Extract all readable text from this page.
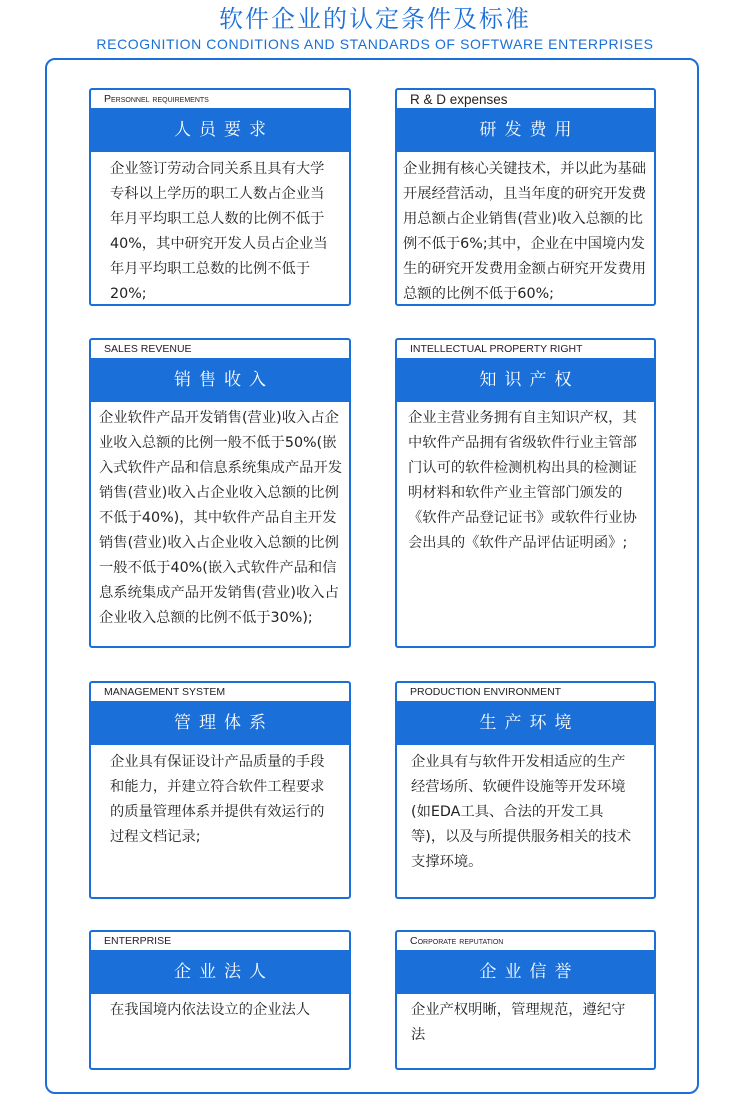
软件企业的认定条件及标准
RECOGNITION CONDITIONS AND STANDARDS OF SOFTWARE ENTERPRISES
Personnel requirements
人员要求
企业签订劳动合同关系且具有大学专科以上学历的职工人数占企业当年月平均职工总人数的比例不低于40%，其中研究开发人员占企业当年月平均职工总数的比例不低于20%;
R & D expenses
研发费用
企业拥有核心关键技术，并以此为基础开展经营活动，且当年度的研究开发费用总额占企业销售(营业)收入总额的比例不低于6%;其中，企业在中国境内发生的研究开发费用金额占研究开发费用总额的比例不低于60%;
SALES REVENUE
销售收入
企业软件产品开发销售(营业)收入占企业收入总额的比例一般不低于50%(嵌入式软件产品和信息系统集成产品开发销售(营业)收入占企业收入总额的比例不低于40%)，其中软件产品自主开发销售(营业)收入占企业收入总额的比例一般不低于40%(嵌入式软件产品和信息系统集成产品开发销售(营业)收入占企业收入总额的比例不低于30%);
INTELLECTUAL PROPERTY RIGHT
知识产权
企业主营业务拥有自主知识产权，其中软件产品拥有省级软件行业主管部门认可的软件检测机构出具的检测证明材料和软件产业主管部门颁发的《软件产品登记证书》或软件行业协会出具的《软件产品评估证明函》;
MANAGEMENT SYSTEM
管理体系
企业具有保证设计产品质量的手段和能力，并建立符合软件工程要求的质量管理体系并提供有效运行的过程文档记录;
PRODUCTION ENVIRONMENT
生产环境
企业具有与软件开发相适应的生产经营场所、软硬件设施等开发环境(如EDA工具、合法的开发工具等)，以及与所提供服务相关的技术支撑环境。
ENTERPRISE
企业法人
在我国境内依法设立的企业法人
Corporate reputation
企业信誉
企业产权明晰，管理规范，遵纪守法
